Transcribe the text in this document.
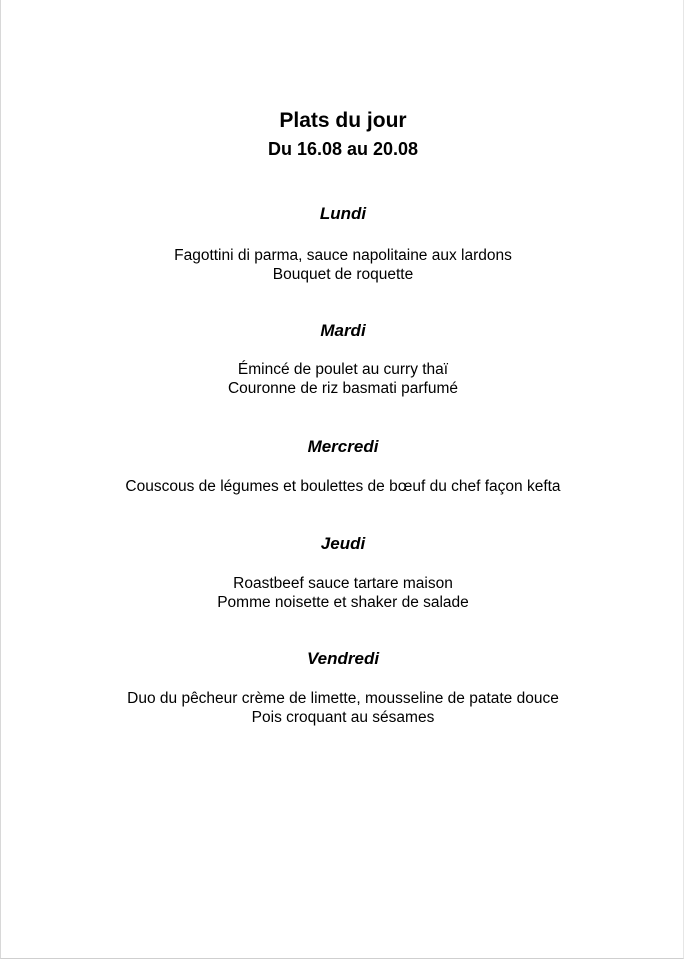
Plats du jour
Du 16.08 au 20.08
Lundi
Fagottini di parma, sauce napolitaine aux lardons
Bouquet de roquette
Mardi
Émincé de poulet au curry thaï
Couronne de riz basmati parfumé
Mercredi
Couscous de légumes et boulettes de bœuf du chef façon kefta
Jeudi
Roastbeef sauce tartare maison
Pomme noisette et shaker de salade
Vendredi
Duo du pêcheur crème de limette, mousseline de patate douce
Pois croquant au sésames
